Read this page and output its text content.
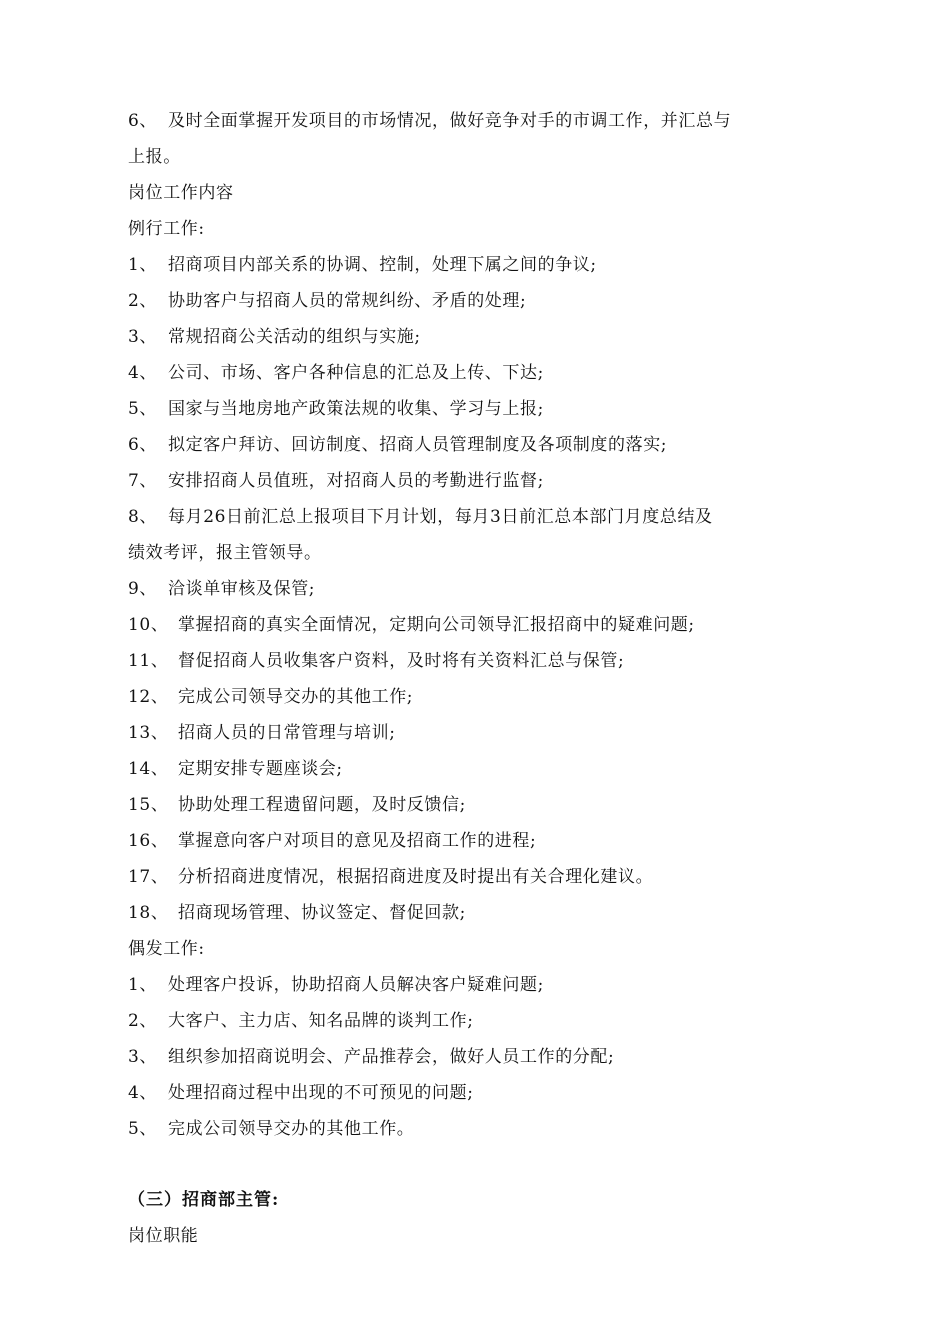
6、 及时全面掌握开发项目的市场情况，做好竞争对手的市调工作，并汇总与
上报。
岗位工作内容
例行工作:
1、 招商项目内部关系的协调、控制，处理下属之间的争议;
2、 协助客户与招商人员的常规纠纷、矛盾的处理;
3、 常规招商公关活动的组织与实施;
4、 公司、市场、客户各种信息的汇总及上传、下达;
5、 国家与当地房地产政策法规的收集、学习与上报;
6、 拟定客户拜访、回访制度、招商人员管理制度及各项制度的落实;
7、 安排招商人员值班，对招商人员的考勤进行监督;
8、 每月26日前汇总上报项目下月计划，每月3日前汇总本部门月度总结及
绩效考评，报主管领导。
9、 洽谈单审核及保管;
10、 掌握招商的真实全面情况，定期向公司领导汇报招商中的疑难问题;
11、 督促招商人员收集客户资料，及时将有关资料汇总与保管;
12、 完成公司领导交办的其他工作;
13、 招商人员的日常管理与培训;
14、 定期安排专题座谈会;
15、 协助处理工程遗留问题，及时反馈信;
16、 掌握意向客户对项目的意见及招商工作的进程;
17、 分析招商进度情况，根据招商进度及时提出有关合理化建议。
18、 招商现场管理、协议签定、督促回款;
偶发工作:
1、 处理客户投诉，协助招商人员解决客户疑难问题;
2、 大客户、主力店、知名品牌的谈判工作;
3、 组织参加招商说明会、产品推荐会，做好人员工作的分配;
4、 处理招商过程中出现的不可预见的问题;
5、 完成公司领导交办的其他工作。
（三）招商部主管:
岗位职能
